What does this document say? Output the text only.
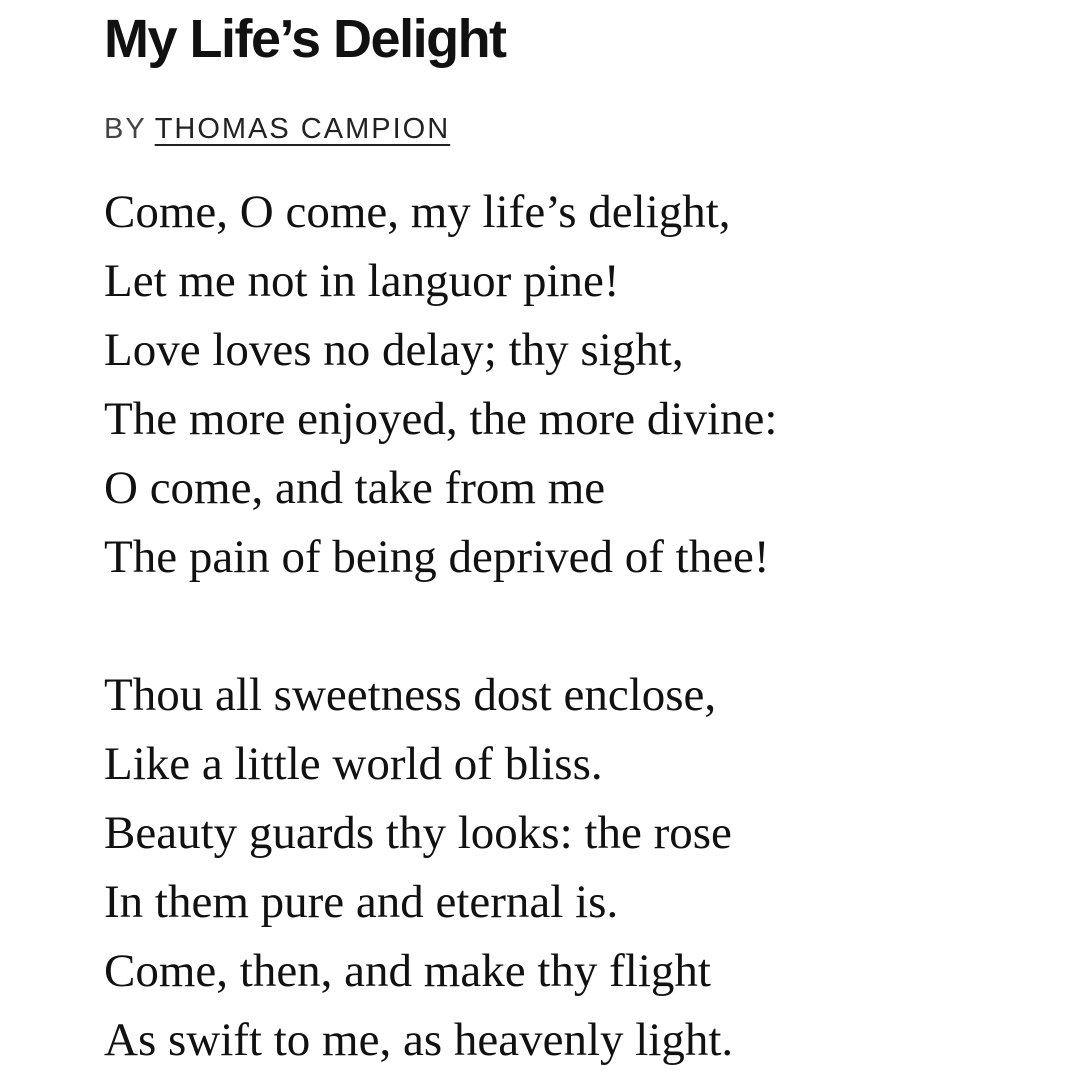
My Life’s Delight
BY THOMAS CAMPION
Come, O come, my life’s delight,
Let me not in languor pine!
Love loves no delay; thy sight,
The more enjoyed, the more divine:
O come, and take from me
The pain of being deprived of thee!
Thou all sweetness dost enclose,
Like a little world of bliss.
Beauty guards thy looks: the rose
In them pure and eternal is.
Come, then, and make thy flight
As swift to me, as heavenly light.
